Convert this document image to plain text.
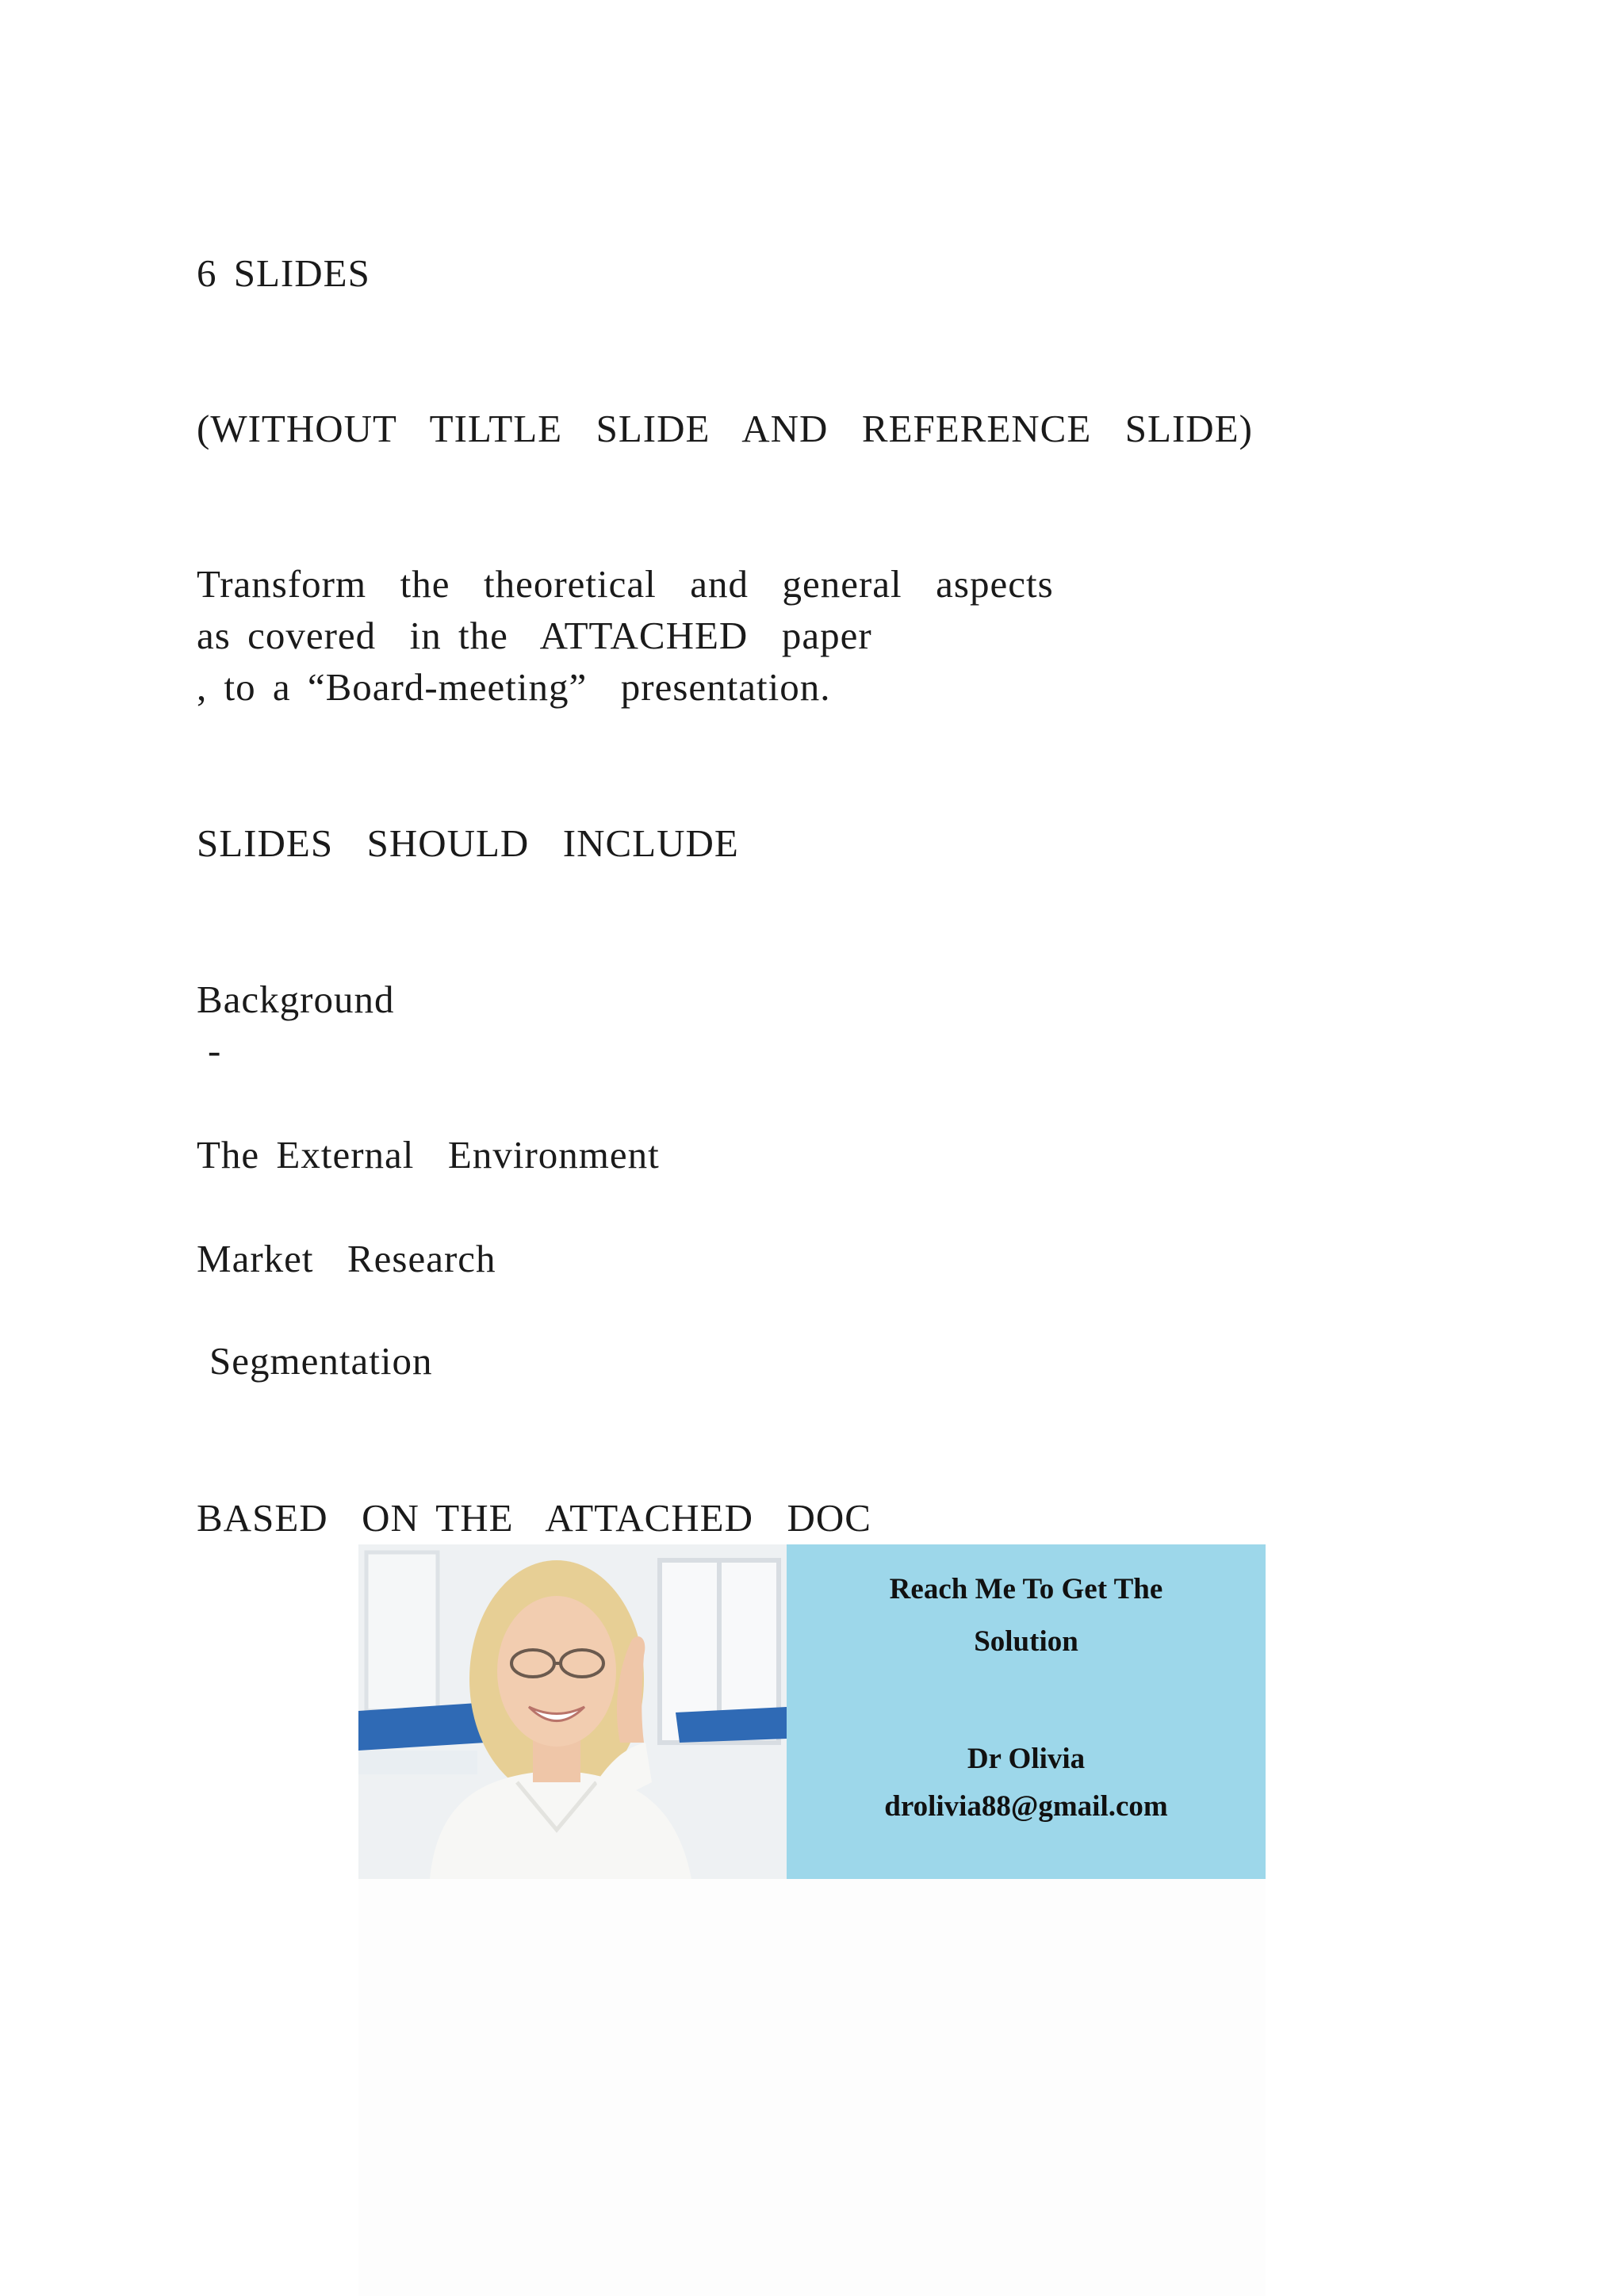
6 SLIDES
(WITHOUT  TILTLE  SLIDE  AND  REFERENCE  SLIDE)
Transform  the  theoretical  and  general  aspects
as covered  in the  ATTACHED  paper
, to a “Board-meeting”  presentation.
SLIDES  SHOULD  INCLUDE
Background
-
The External  Environment
Market  Research
Segmentation
BASED  ON THE  ATTACHED  DOC
Reach Me To Get The
Solution
Dr Olivia
drolivia88@gmail.com
